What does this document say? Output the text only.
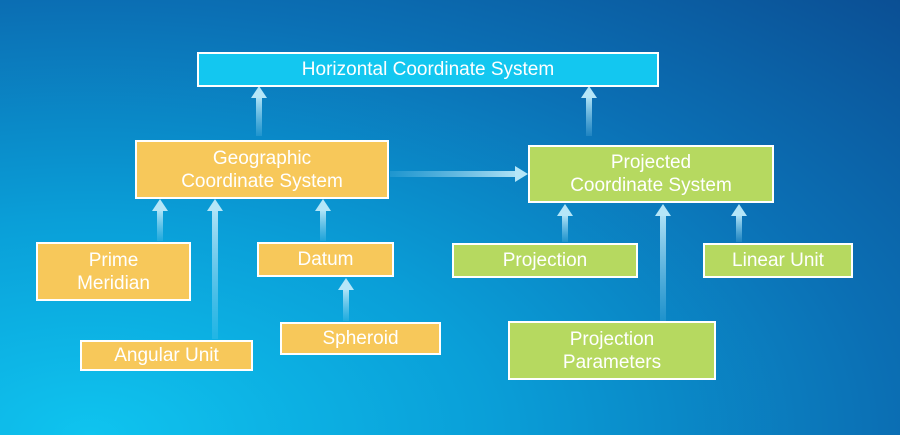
Horizontal Coordinate System
Geographic
Coordinate System
Projected
Coordinate System
Prime
Meridian
Angular Unit
Datum
Spheroid
Projection	Linear Unit
Projection
Parameters
